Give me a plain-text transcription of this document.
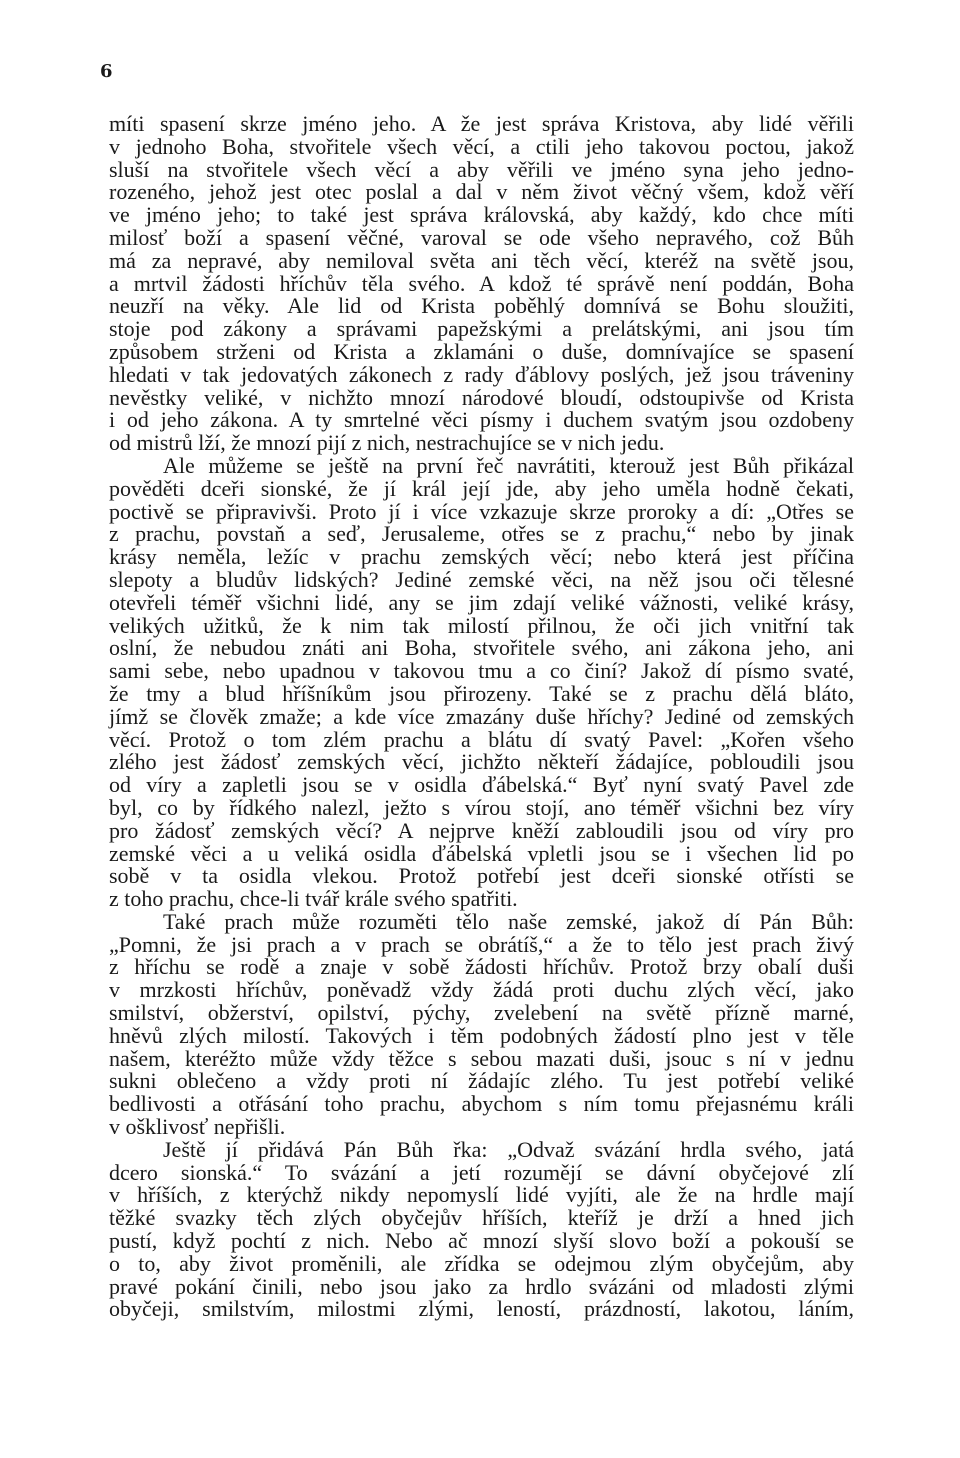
6
míti spasení skrze jméno jeho. A že jest správa Kristova, aby lidé věřili
v jednoho Boha, stvořitele všech věcí, a ctili jeho takovou poctou, jakož
sluší na stvořitele všech věcí a aby věřili ve jméno syna jeho jedno-
rozeného, jehož jest otec poslal a dal v něm život věčný všem, kdož věří
ve jméno jeho; to také jest správa královská, aby každý, kdo chce míti
milosť boží a spasení věčné, varoval se ode všeho nepravého, což Bůh
má za nepravé, aby nemiloval světa ani těch věcí, kteréž na světě jsou,
a mrtvil žádosti hříchův těla svého. A kdož té správě není poddán, Boha
neuzří na věky. Ale lid od Krista poběhlý domnívá se Bohu sloužiti,
stoje pod zákony a správami papežskými a prelátskými, ani jsou tím
způsobem strženi od Krista a zklamáni o duše, domnívajíce se spasení
hledati v tak jedovatých zákonech z rady ďáblovy poslých, jež jsou tráveniny
nevěstky veliké, v nichžto mnozí národové bloudí, odstoupivše od Krista
i od jeho zákona. A ty smrtelné věci písmy i duchem svatým jsou ozdobeny
od mistrů lží, že mnozí pijí z nich, nestrachujíce se v nich jedu.
Ale můžeme se ještě na první řeč navrátiti, kterouž jest Bůh přikázal
pověděti dceři sionské, že jí král její jde, aby jeho uměla hodně čekati,
poctivě se připravivši. Proto jí i více vzkazuje skrze proroky a dí: „Otřes se
z prachu, povstaň a seď, Jerusaleme, otřes se z prachu,“ nebo by jinak
krásy neměla, ležíc v prachu zemských věcí; nebo která jest příčina
slepoty a bludův lidských? Jediné zemské věci, na něž jsou oči tělesné
otevřeli téměř všichni lidé, any se jim zdají veliké vážnosti, veliké krásy,
velikých užitků, že k nim tak milostí přilnou, že oči jich vnitřní tak
oslní, že nebudou znáti ani Boha, stvořitele svého, ani zákona jeho, ani
sami sebe, nebo upadnou v takovou tmu a co činí? Jakož dí písmo svaté,
že tmy a blud hříšníkům jsou přirozeny. Také se z prachu dělá bláto,
jímž se člověk zmaže; a kde více zmazány duše hříchy? Jediné od zemských
věcí. Protož o tom zlém prachu a blátu dí svatý Pavel: „Kořen všeho
zlého jest žádosť zemských věcí, jichžto někteří žádajíce, pobloudili jsou
od víry a zapletli jsou se v osidla ďábelská.“ Byť nyní svatý Pavel zde
byl, co by řídkého nalezl, ježto s vírou stojí, ano téměř všichni bez víry
pro žádosť zemských věcí? A nejprve kněží zabloudili jsou od víry pro
zemské věci a u veliká osidla ďábelská vpletli jsou se i všechen lid po
sobě v ta osidla vlekou. Protož potřebí jest dceři sionské otřísti se
z toho prachu, chce-li tvář krále svého spatřiti.
Také prach může rozuměti tělo naše zemské, jakož dí Pán Bůh:
„Pomni, že jsi prach a v prach se obrátíš,“ a že to tělo jest prach živý
z hříchu se rodě a znaje v sobě žádosti hříchův. Protož brzy obalí duši
v mrzkosti hříchův, poněvadž vždy žádá proti duchu zlých věcí, jako
smilství, obžerství, opilství, pýchy, zvelebení na světě přízně marné,
hněvů zlých milostí. Takových i těm podobných žádostí plno jest v těle
našem, kteréžto může vždy těžce s sebou mazati duši, jsouc s ní v jednu
sukni oblečeno a vždy proti ní žádajíc zlého. Tu jest potřebí veliké
bedlivosti a otřásání toho prachu, abychom s ním tomu přejasnému králi
v ošklivosť nepřišli.
Ještě jí přidává Pán Bůh řka: „Odvaž svázání hrdla svého, jatá
dcero sionská.“ To svázání a jetí rozumějí se dávní obyčejové zlí
v hříších, z kterýchž nikdy nepomyslí lidé vyjíti, ale že na hrdle mají
těžké svazky těch zlých obyčejův hříších, kteříž je drží a hned jich
pustí, když pochtí z nich. Nebo ač mnozí slyší slovo boží a pokouší se
o to, aby život proměnili, ale zřídka se odejmou zlým obyčejům, aby
pravé pokání činili, nebo jsou jako za hrdlo svázáni od mladosti zlými
obyčeji, smilstvím, milostmi zlými, leností, prázdností, lakotou, láním,
